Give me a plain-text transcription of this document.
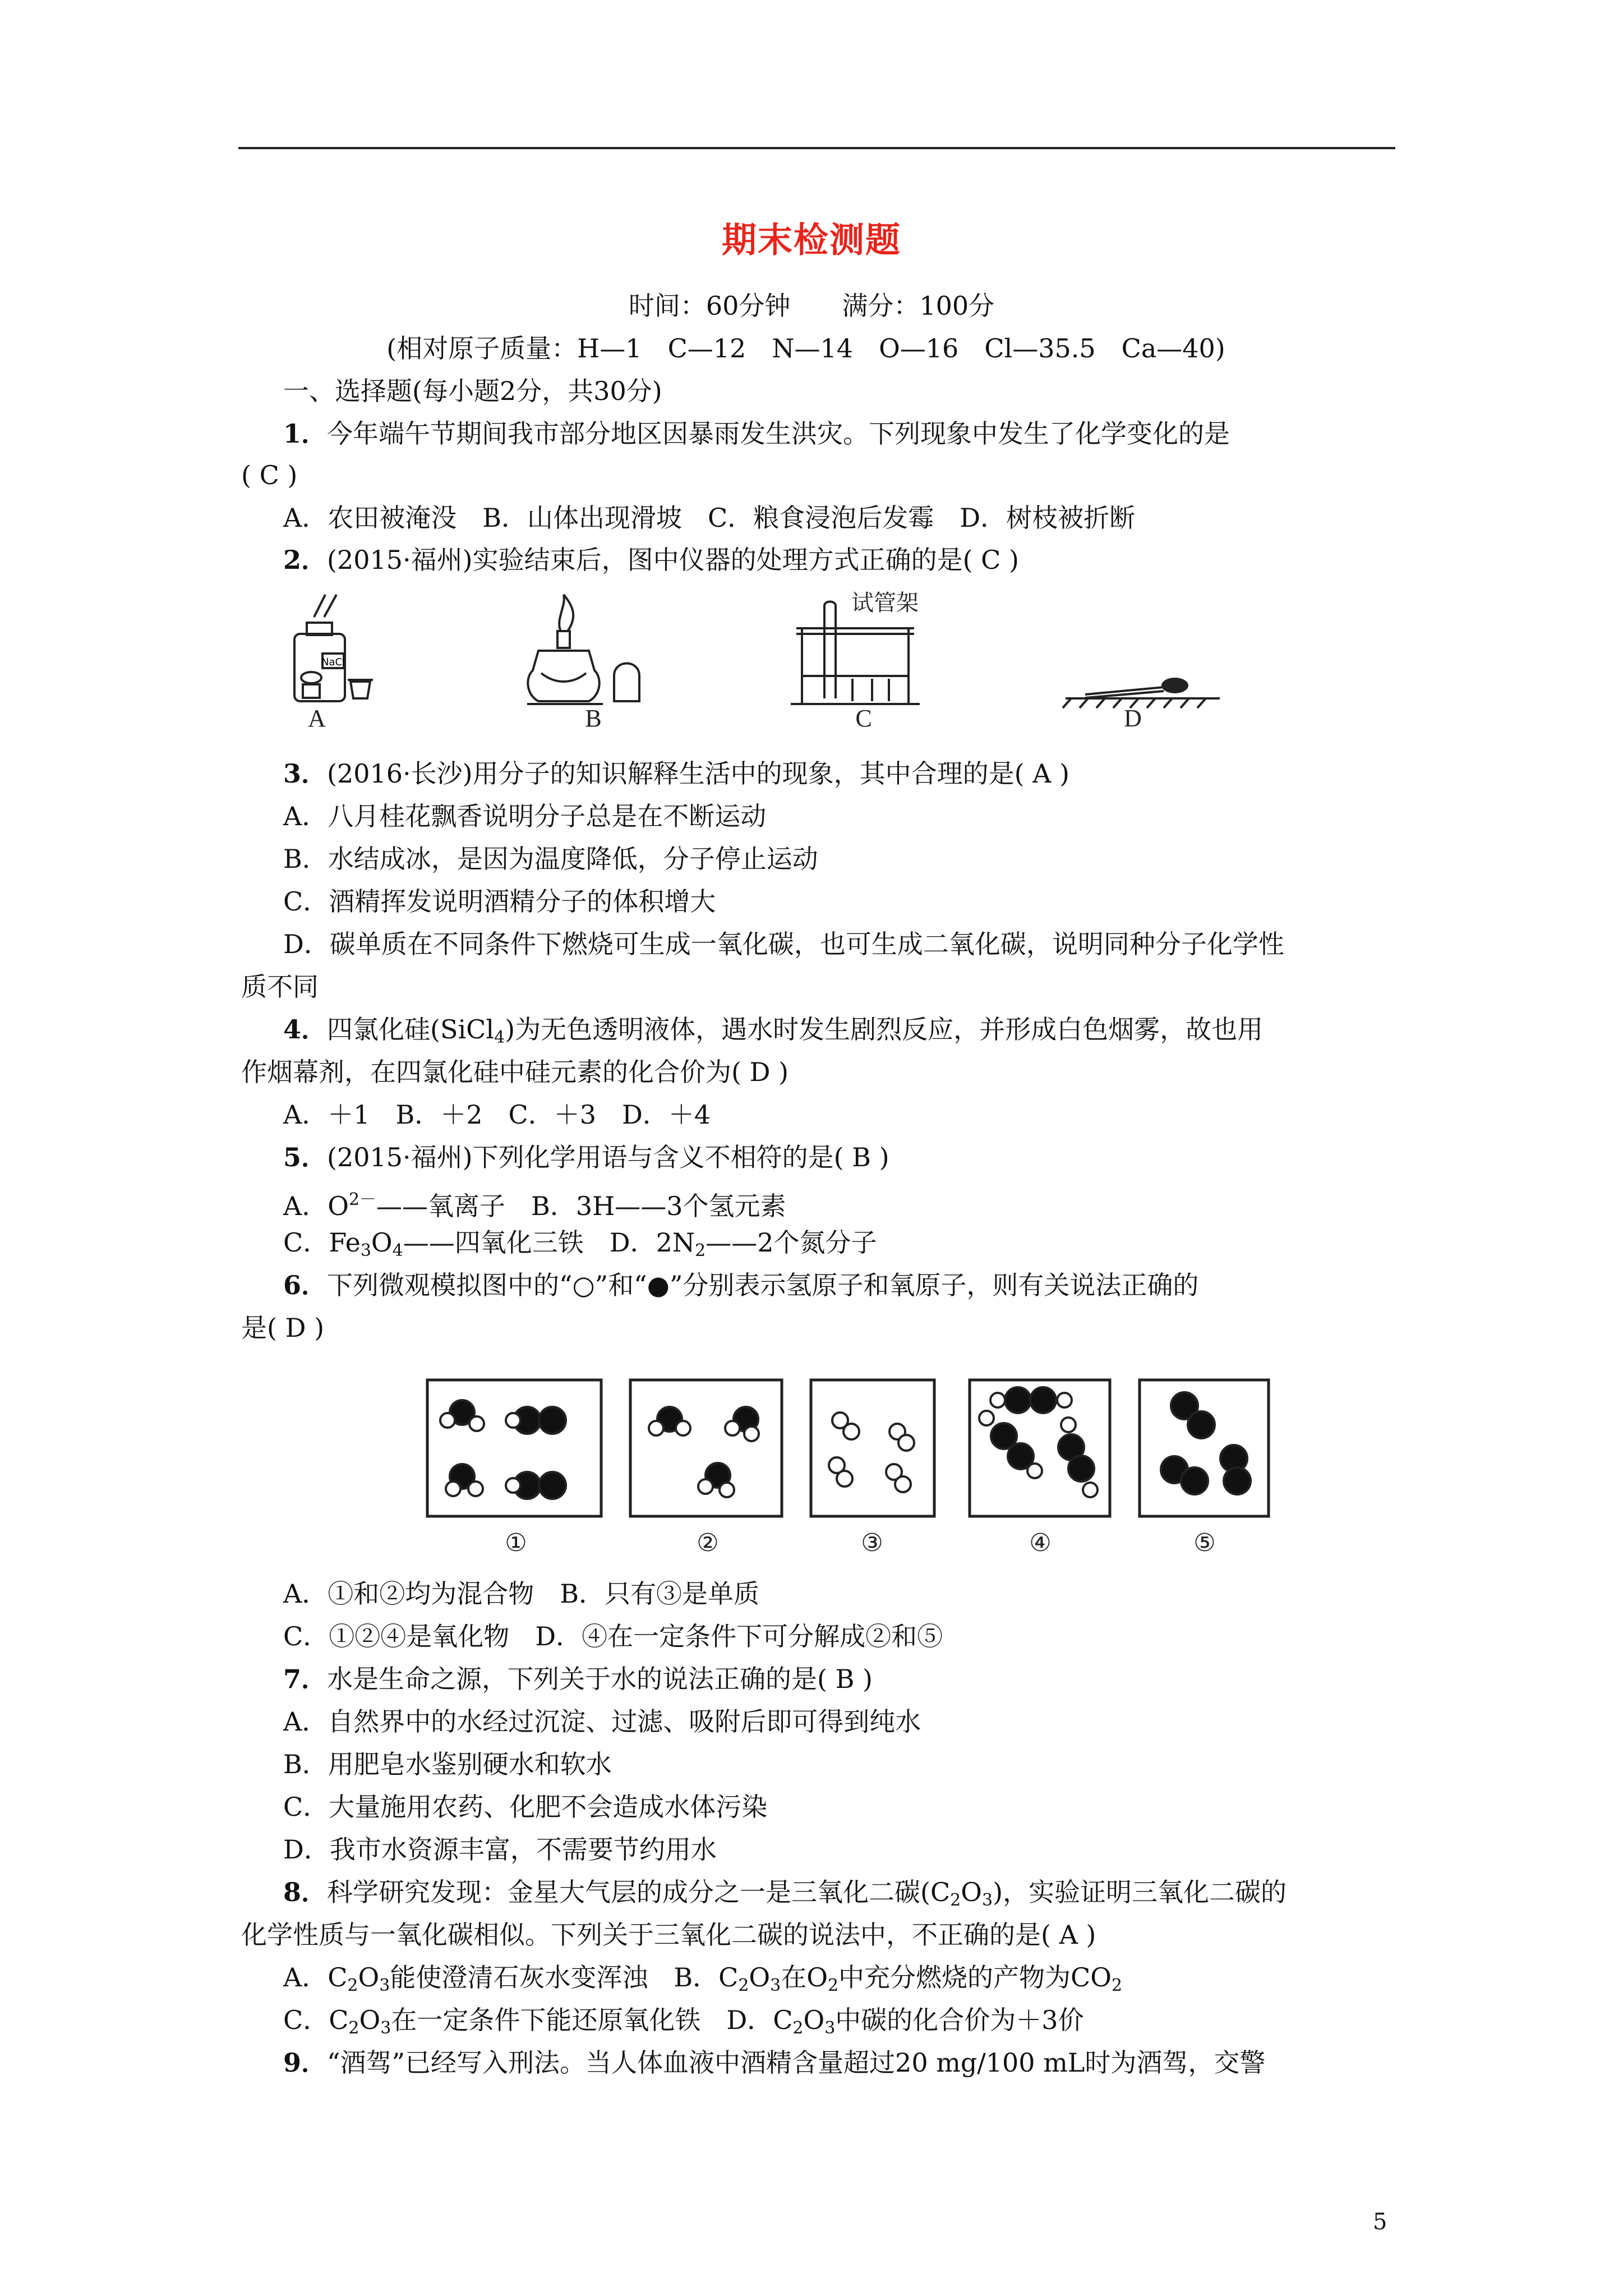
期末检测题
时间：60分钟　　满分：100分
(相对原子质量：H—1　C—12　N—14　O—16　Cl—35.5　Ca—40)
一、选择题(每小题2分，共30分)
1．今年端午节期间我市部分地区因暴雨发生洪灾。下列现象中发生了化学变化的是
( C )
A．农田被淹没　B．山体出现滑坡　C．粮食浸泡后发霉　D．树枝被折断
2．(2015·福州)实验结束后，图中仪器的处理方式正确的是( C )
A
NaCl
B
试管架
C	D
3．(2016·长沙)用分子的知识解释生活中的现象，其中合理的是( A )
A．八月桂花飘香说明分子总是在不断运动
B．水结成冰，是因为温度降低，分子停止运动
C．酒精挥发说明酒精分子的体积增大
D．碳单质在不同条件下燃烧可生成一氧化碳，也可生成二氧化碳，说明同种分子化学性
质不同
4．四氯化硅(SiCl$_4$)为无色透明液体，遇水时发生剧烈反应，并形成白色烟雾，故也用
作烟幕剂，在四氯化硅中硅元素的化合价为( D )
A．＋1　B．＋2　C．＋3　D．＋4
5．(2015·福州)下列化学用语与含义不相符的是( B )
A．$O^{2-}——$氧离子　B．3H——3个氢元素
C．$Fe_3O_4——$四氧化三铁　D．$2N_2——2$个氮分子
6．下列微观模拟图中的“○”和“●”分别表示氢原子和氧原子，则有关说法正确的
是( D )
①	②	③	④	⑤
A．①和②均为混合物　B．只有③是单质
C．①②④是氧化物　D．④在一定条件下可分解成②和⑤
7．水是生命之源，下列关于水的说法正确的是( B )
A．自然界中的水经过沉淀、过滤、吸附后即可得到纯水
B．用肥皂水鉴别硬水和软水
C．大量施用农药、化肥不会造成水体污染
D．我市水资源丰富，不需要节约用水
8．科学研究发现：金星大气层的成分之一是三氧化二碳$(C_2O_3)$，实验证明三氧化二碳的
化学性质与一氧化碳相似。下列关于三氧化二碳的说法中，不正确的是( A )
A．$C_2O_3$能使澄清石灰水变浑浊　B．$C_2O_3$在$O_2$中充分燃烧的产物为$CO_2$
C．$C_2O_3$在一定条件下能还原氧化铁　D．$C_2O_3$中碳的化合价为＋3价
9．“酒驾”已经写入刑法。当人体血液中酒精含量超过20 mg/100 mL时为酒驾，交警
5
